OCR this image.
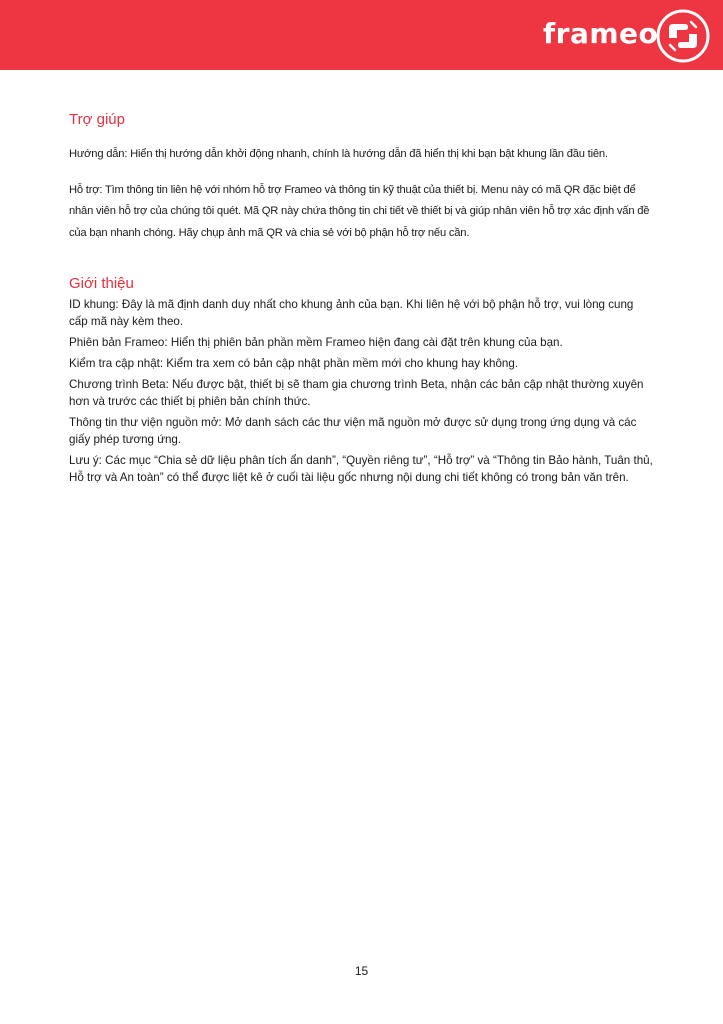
frameo
Trợ giúp

Hướng dẫn: Hiển thị hướng dẫn khởi động nhanh, chính là hướng dẫn đã hiển thị khi bạn bật khung lần đầu tiên.

Hỗ trợ: Tìm thông tin liên hệ với nhóm hỗ trợ Frameo và thông tin kỹ thuật của thiết bị. Menu này có mã QR đặc biệt để nhân viên hỗ trợ của chúng tôi quét. Mã QR này chứa thông tin chi tiết về thiết bị và giúp nhân viên hỗ trợ xác định vấn đề của bạn nhanh chóng. Hãy chụp ảnh mã QR và chia sẻ với bộ phận hỗ trợ nếu cần.

Giới thiệu

ID khung: Đây là mã định danh duy nhất cho khung ảnh của bạn. Khi liên hệ với bộ phận hỗ trợ, vui lòng cung cấp mã này kèm theo.

Phiên bản Frameo: Hiển thị phiên bản phần mềm Frameo hiện đang cài đặt trên khung của bạn.

Kiểm tra cập nhật: Kiểm tra xem có bản cập nhật phần mềm mới cho khung hay không.

Chương trình Beta: Nếu được bật, thiết bị sẽ tham gia chương trình Beta, nhận các bản cập nhật thường xuyên hơn và trước các thiết bị phiên bản chính thức.

Thông tin thư viện nguồn mở: Mở danh sách các thư viện mã nguồn mở được sử dụng trong ứng dụng và các giấy phép tương ứng.

Lưu ý: Các mục “Chia sẻ dữ liệu phân tích ẩn danh”, “Quyền riêng tư”, “Hỗ trợ” và “Thông tin Bảo hành, Tuân thủ, Hỗ trợ và An toàn” có thể được liệt kê ở cuối tài liệu gốc nhưng nội dung chi tiết không có trong bản văn trên.

15
